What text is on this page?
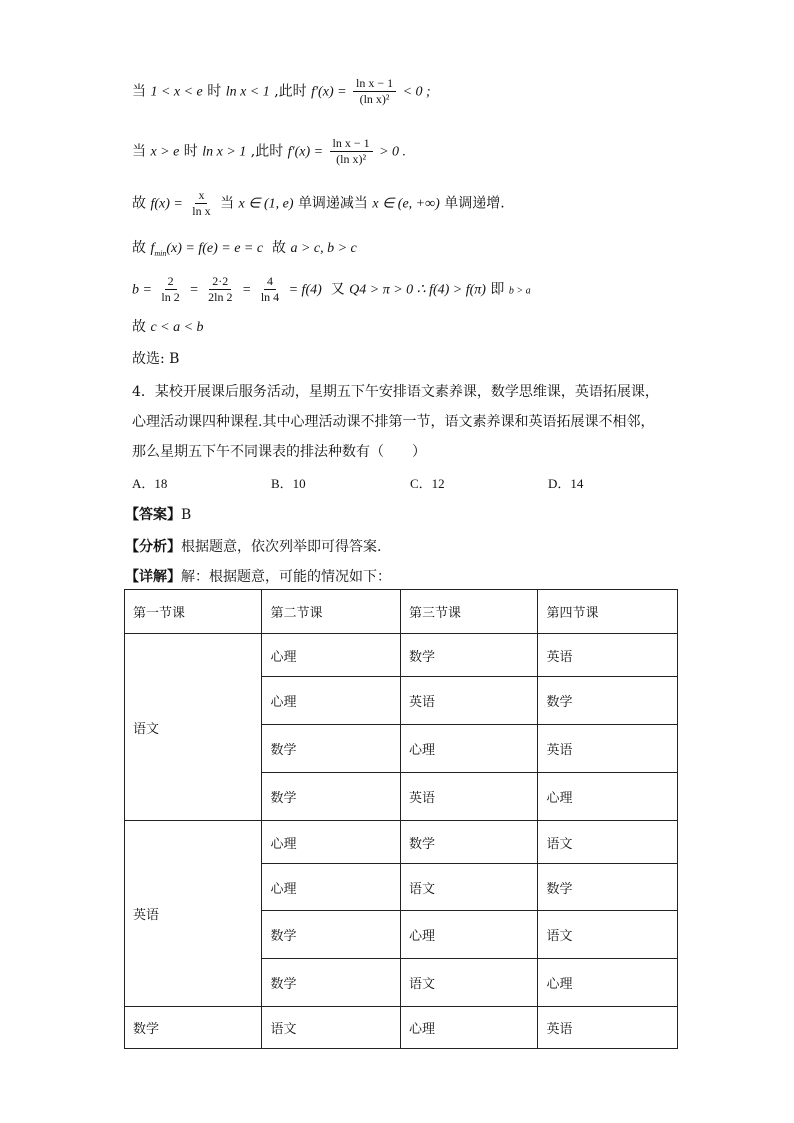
当 1 < x < e 时 ln x < 1 ,此时 $f'(x) = \frac{\text{ln x − 1}}{\text{(ln x)²}} < 0$ ;
当 x > e 时 ln x > 1 ,此时 $f'(x) = \frac{\text{ln x − 1}}{\text{(ln x)²}} > 0$ .
故 $f(x) = \frac{x}{\text{ln x}}$ 当 x ∈ (1, e) 单调递减当 x ∈ (e, +∞) 单调递增.
故 $f_{min}(x) = f(e) = e = c$ 故 a > c, b > c
$b = \frac{2}{\ln 2} = \frac{2\cdot 2}{2\ln 2} = \frac{4}{\ln 4} = f(4)$ 又 Q4 > π > 0 ∴ f(4) > f(π) 即 b > a
故 c < a < b
故选: B
4．某校开展课后服务活动，星期五下午安排语文素养课，数学思维课，英语拓展课，
心理活动课四种课程.其中心理活动课不排第一节，语文素养课和英语拓展课不相邻，
那么星期五下午不同课表的排法种数有（　　）
A．18	B．10	C．12	D．14
【答案】B
【分析】根据题意，依次列举即可得答案.
【详解】解：根据题意，可能的情况如下：
第一节课	第二节课	第三节课	第四节课
语文	心理	数学	英语
	心理	英语	数学
	数学	心理	英语
	数学	英语	心理
英语	心理	数学	语文
	心理	语文	数学
	数学	心理	语文
	数学	语文	心理
数学	语文	心理	英语
